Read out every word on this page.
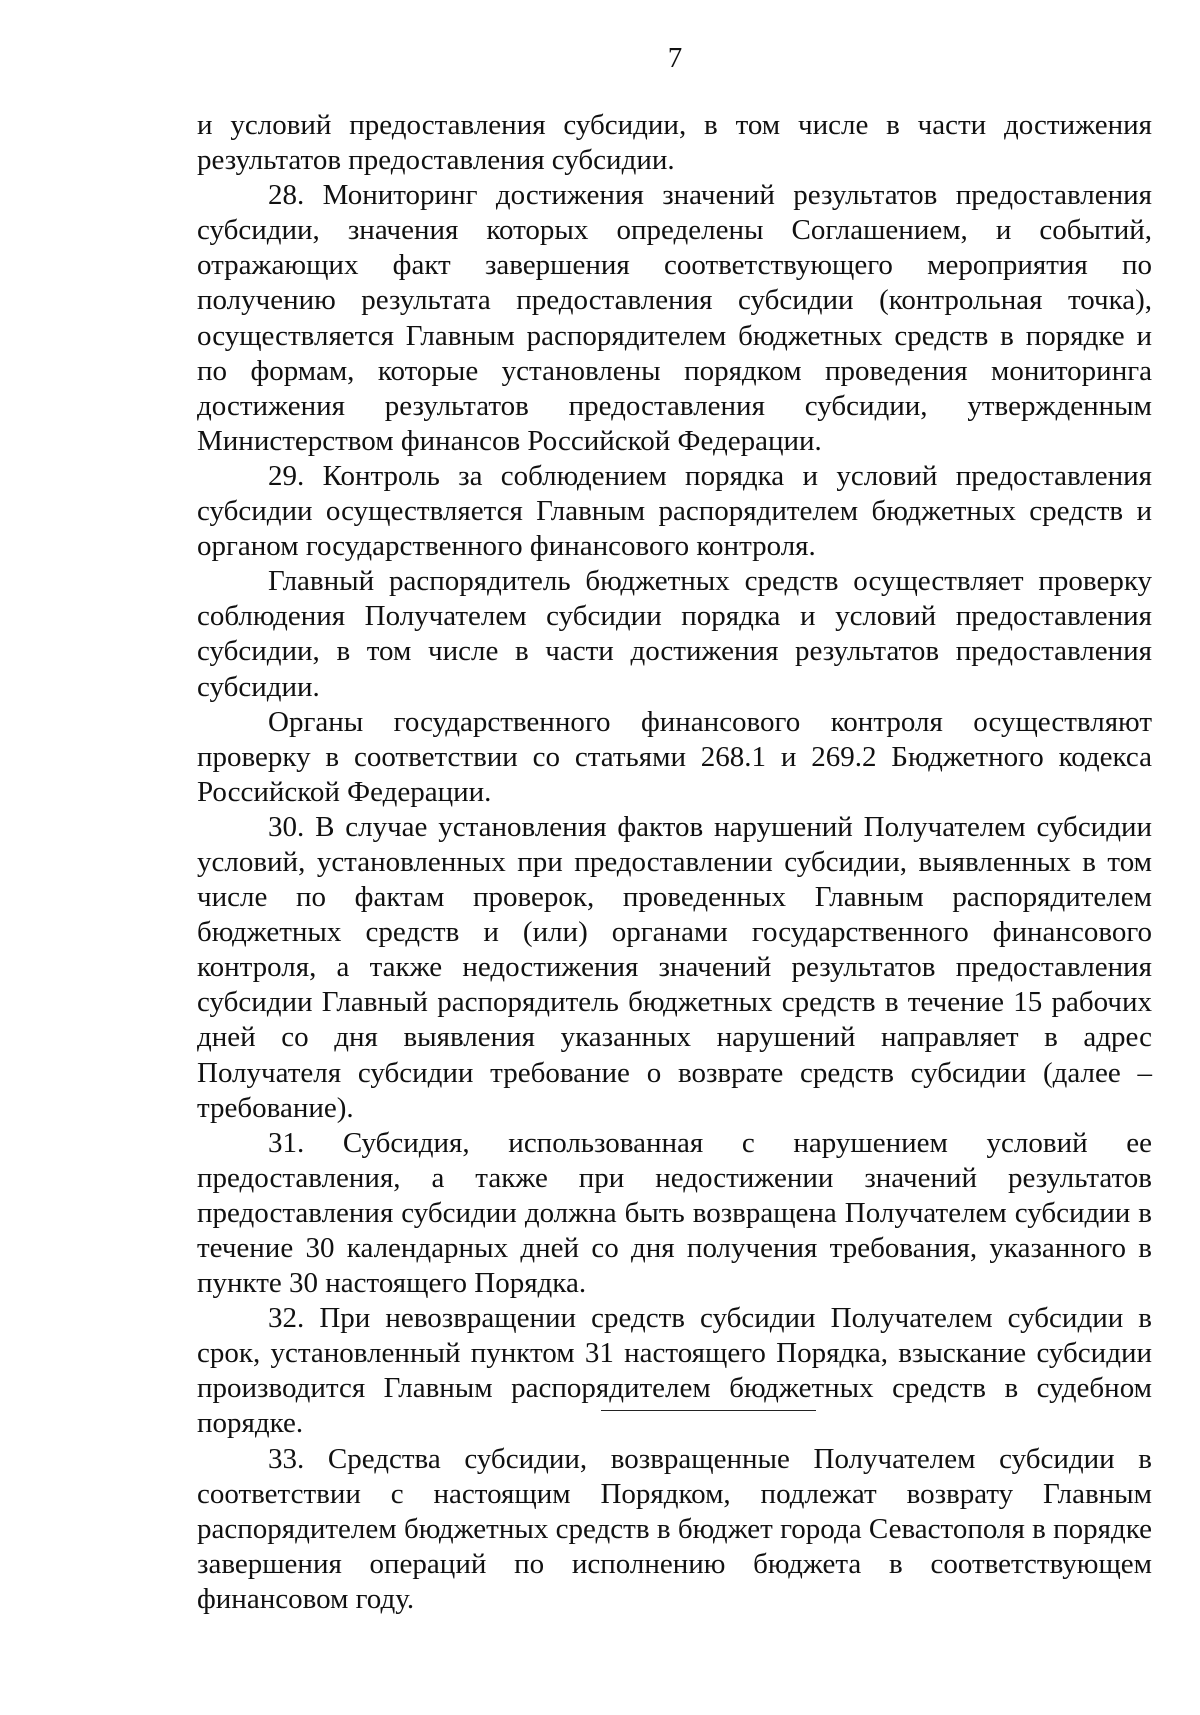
7

и условий предоставления субсидии, в том числе в части достижения результатов предоставления субсидии.

28. Мониторинг достижения значений результатов предоставления субсидии, значения которых определены Соглашением, и событий, отражающих факт завершения соответствующего мероприятия по получению результата предоставления субсидии (контрольная точка), осуществляется Главным распорядителем бюджетных средств в порядке и по формам, которые установлены порядком проведения мониторинга достижения результатов предоставления субсидии, утвержденным Министерством финансов Российской Федерации.

29. Контроль за соблюдением порядка и условий предоставления субсидии осуществляется Главным распорядителем бюджетных средств и органом государственного финансового контроля.

Главный распорядитель бюджетных средств осуществляет проверку соблюдения Получателем субсидии порядка и условий предоставления субсидии, в том числе в части достижения результатов предоставления субсидии.

Органы государственного финансового контроля осуществляют проверку в соответствии со статьями 268.1 и 269.2 Бюджетного кодекса Российской Федерации.

30. В случае установления фактов нарушений Получателем субсидии условий, установленных при предоставлении субсидии, выявленных в том числе по фактам проверок, проведенных Главным распорядителем бюджетных средств и (или) органами государственного финансового контроля, а также недостижения значений результатов предоставления субсидии Главный распорядитель бюджетных средств в течение 15 рабочих дней со дня выявления указанных нарушений направляет в адрес Получателя субсидии требование о возврате средств субсидии (далее – требование).

31. Субсидия, использованная с нарушением условий ее предоставления, а также при недостижении значений результатов предоставления субсидии должна быть возвращена Получателем субсидии в течение 30 календарных дней со дня получения требования, указанного в пункте 30 настоящего Порядка.

32. При невозвращении средств субсидии Получателем субсидии в срок, установленный пунктом 31 настоящего Порядка, взыскание субсидии производится Главным распорядителем бюджетных средств в судебном порядке.

33. Средства субсидии, возвращенные Получателем субсидии в соответствии с настоящим Порядком, подлежат возврату Главным распорядителем бюджетных средств в бюджет города Севастополя в порядке завершения операций по исполнению бюджета в соответствующем финансовом году.
